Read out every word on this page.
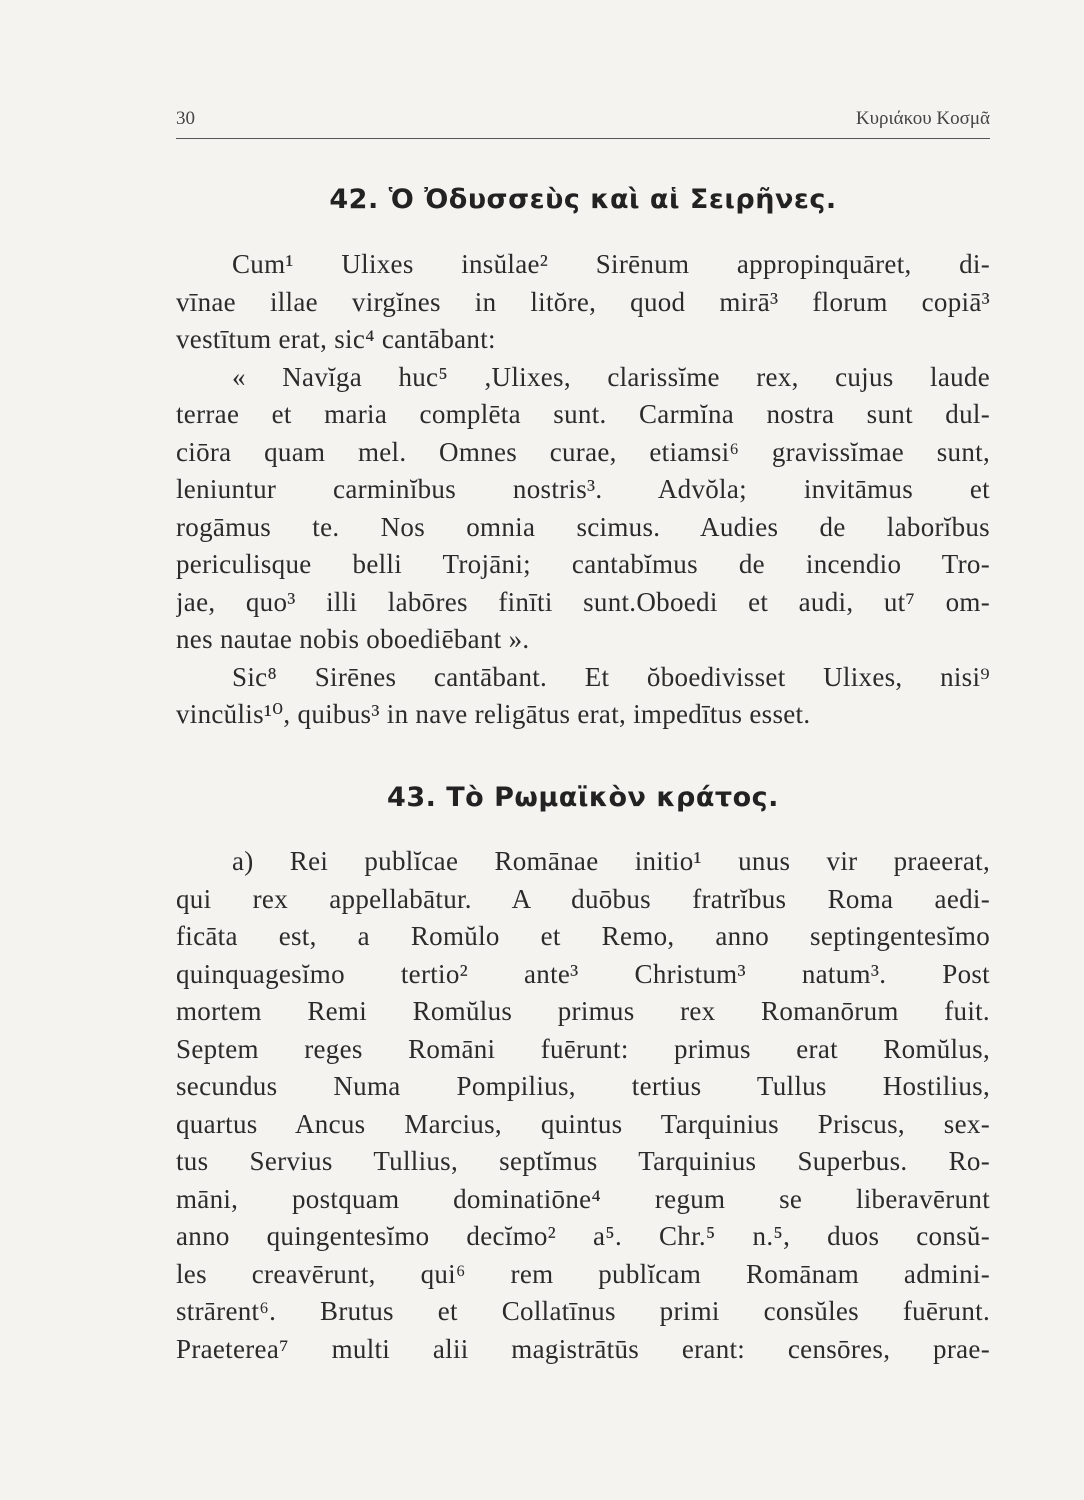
30	Κυριάκου Κοσμᾶ
42. Ὁ Ὀδυσσεὺς καὶ αἱ Σειρῆνες.
Cum¹ Ulixes insŭlae² Sirēnum appropinquāret, di-
vīnae illae virgĭnes in litŏre, quod mirā³ florum copiā³
vestītum erat, sic⁴ cantābant:
« Navĭga huc⁵ ,Ulixes, clarissĭme rex, cujus laude
terrae et maria complēta sunt. Carmĭna nostra sunt dul-
ciōra quam mel. Omnes curae, etiamsi⁶ gravissĭmae sunt,
leniuntur carminĭbus nostris³. Advŏla; invitāmus et
rogāmus te. Nos omnia scimus. Audies de laborĭbus
periculisque belli Trojāni; cantabĭmus de incendio Tro-
jae, quo³ illi labōres finīti sunt.Oboedi et audi, ut⁷ om-
nes nautae nobis oboediēbant ».
Sic⁸ Sirēnes cantābant. Et ŏboedivisset Ulixes, nisi⁹
vincŭlis¹⁰, quibus³ in nave religātus erat, impedītus esset.
43. Τὸ Ρωμαϊκὸν κράτος.
a) Rei publĭcae Romānae initio¹ unus vir praeerat,
qui rex appellabātur. A duōbus fratrĭbus Roma aedi-
ficāta est, a Romŭlo et Remo, anno septingentesĭmo
quinquagesĭmo tertio² ante³ Christum³ natum³. Post
mortem Remi Romŭlus primus rex Romanōrum fuit.
Septem reges Romāni fuērunt: primus erat Romŭlus,
secundus Numa Pompilius, tertius Tullus Hostilius,
quartus Ancus Marcius, quintus Tarquinius Priscus, sex-
tus Servius Tullius, septĭmus Tarquinius Superbus. Ro-
māni, postquam dominatiōne⁴ regum se liberavērunt
anno quingentesĭmo decĭmo² a⁵. Chr.⁵ n.⁵, duos consŭ-
les creavērunt, qui⁶ rem publĭcam Romānam admini-
strārent⁶. Brutus et Collatīnus primi consŭles fuērunt.
Praeterea⁷ multi alii magistrātūs erant: censōres, prae-
